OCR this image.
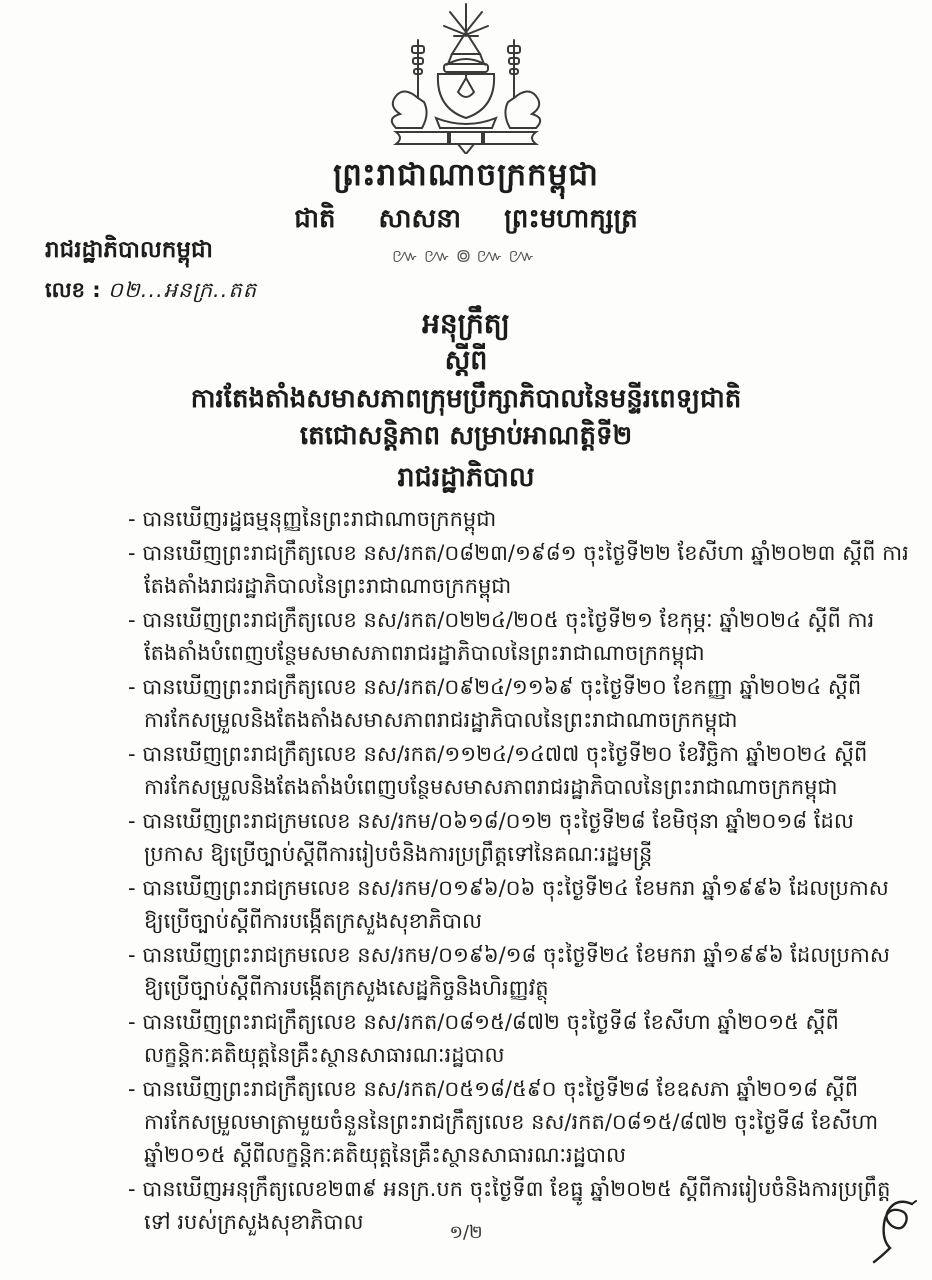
ព្រះរាជាណាចក្រកម្ពុជា
ជាតិ សាសនា ព្រះមហាក្សត្រ
៚៚៙៚៚
រាជរដ្ឋាភិបាលកម្ពុជា
លេខ : ០២...អនក្រ..តត
អនុក្រឹត្យ
ស្តីពី
ការតែងតាំងសមាសភាពក្រុមប្រឹក្សាភិបាលនៃមន្ទីរពេទ្យជាតិ
តេជោសន្តិភាព សម្រាប់អាណត្តិទី២
រាជរដ្ឋាភិបាល
- បានឃើញរដ្ឋធម្មនុញ្ញនៃព្រះរាជាណាចក្រកម្ពុជា
- បានឃើញព្រះរាជក្រឹត្យលេខ នស/រកត/០៨២៣/១៩៨១ ចុះថ្ងៃទី២២ ខែសីហា ឆ្នាំ២០២៣ ស្តីពី ការតែងតាំងរាជរដ្ឋាភិបាលនៃព្រះរាជាណាចក្រកម្ពុជា
- បានឃើញព្រះរាជក្រឹត្យលេខ នស/រកត/០២២៤/២០៥ ចុះថ្ងៃទី២១ ខែកុម្ភៈ ឆ្នាំ២០២៤ ស្តីពី ការតែងតាំងបំពេញបន្ថែមសមាសភាពរាជរដ្ឋាភិបាលនៃព្រះរាជាណាចក្រកម្ពុជា
- បានឃើញព្រះរាជក្រឹត្យលេខ នស/រកត/០៩២៤/១១៦៩ ចុះថ្ងៃទី២០ ខែកញ្ញា ឆ្នាំ២០២៤ ស្តីពី ការកែសម្រួលនិងតែងតាំងសមាសភាពរាជរដ្ឋាភិបាលនៃព្រះរាជាណាចក្រកម្ពុជា
- បានឃើញព្រះរាជក្រឹត្យលេខ នស/រកត/១១២៤/១៤៧៧ ចុះថ្ងៃទី២០ ខែវិច្ឆិកា ឆ្នាំ២០២៤ ស្តីពី ការកែសម្រួលនិងតែងតាំងបំពេញបន្ថែមសមាសភាពរាជរដ្ឋាភិបាលនៃព្រះរាជាណាចក្រកម្ពុជា
- បានឃើញព្រះរាជក្រមលេខ នស/រកម/០៦១៨/០១២ ចុះថ្ងៃទី២៨ ខែមិថុនា ឆ្នាំ២០១៨ ដែលប្រកាស ឱ្យប្រើច្បាប់ស្តីពីការរៀបចំនិងការប្រព្រឹត្តទៅនៃគណៈរដ្ឋមន្ត្រី
- បានឃើញព្រះរាជក្រមលេខ នស/រកម/០១៩៦/០៦ ចុះថ្ងៃទី២៤ ខែមករា ឆ្នាំ១៩៩៦ ដែលប្រកាស ឱ្យប្រើច្បាប់ស្តីពីការបង្កើតក្រសួងសុខាភិបាល
- បានឃើញព្រះរាជក្រមលេខ នស/រកម/០១៩៦/១៨ ចុះថ្ងៃទី២៤ ខែមករា ឆ្នាំ១៩៩៦ ដែលប្រកាស ឱ្យប្រើច្បាប់ស្តីពីការបង្កើតក្រសួងសេដ្ឋកិច្ចនិងហិរញ្ញវត្ថុ
- បានឃើញព្រះរាជក្រឹត្យលេខ នស/រកត/០៨១៥/៨៧២ ចុះថ្ងៃទី៨ ខែសីហា ឆ្នាំ២០១៥ ស្តីពី លក្ខន្តិកៈគតិយុត្តនៃគ្រឹះស្ថានសាធារណៈរដ្ឋបាល
- បានឃើញព្រះរាជក្រឹត្យលេខ នស/រកត/០៥១៨/៥៩០ ចុះថ្ងៃទី២៨ ខែឧសភា ឆ្នាំ២០១៨ ស្តីពី ការកែសម្រួលមាត្រាមួយចំនួននៃព្រះរាជក្រឹត្យលេខ នស/រកត/០៨១៥/៨៧២ ចុះថ្ងៃទី៨ ខែសីហា ឆ្នាំ២០១៥ ស្តីពីលក្ខន្តិកៈគតិយុត្តនៃគ្រឹះស្ថានសាធារណៈរដ្ឋបាល
- បានឃើញអនុក្រឹត្យលេខ២៣៩ អនក្រ.បក ចុះថ្ងៃទី៣ ខែធ្នូ ឆ្នាំ២០២៥ ស្តីពីការរៀបចំនិងការប្រព្រឹត្តទៅ របស់ក្រសួងសុខាភិបាល	១/២
